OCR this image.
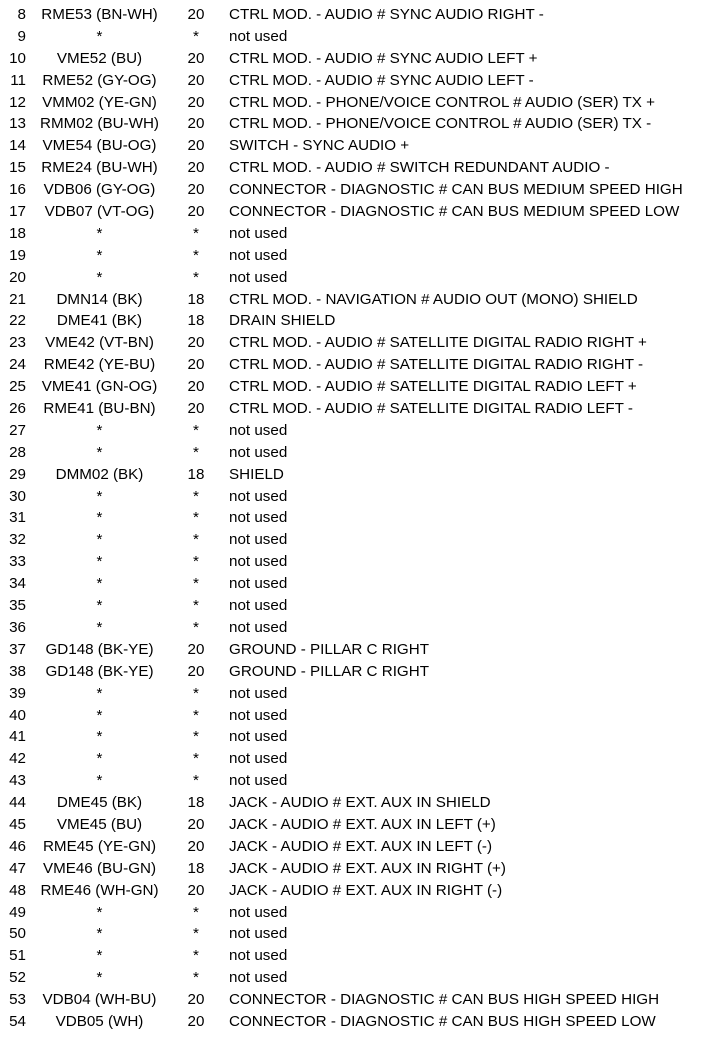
8	RME53 (BN-WH)	20	CTRL MOD. - AUDIO # SYNC AUDIO RIGHT -
9	*	*	not used
10	VME52 (BU)	20	CTRL MOD. - AUDIO # SYNC AUDIO LEFT +
11	RME52 (GY-OG)	20	CTRL MOD. - AUDIO # SYNC AUDIO LEFT -
12	VMM02 (YE-GN)	20	CTRL MOD. - PHONE/VOICE CONTROL # AUDIO (SER) TX +
13 RMM02 (BU-WH)	20	CTRL MOD. - PHONE/VOICE CONTROL # AUDIO (SER) TX -
14	VME54 (BU-OG)	20	SWITCH - SYNC AUDIO +
15	RME24 (BU-WH)	20	CTRL MOD. - AUDIO # SWITCH REDUNDANT AUDIO -
16	VDB06 (GY-OG)	20	CONNECTOR - DIAGNOSTIC # CAN BUS MEDIUM SPEED HIGH
17	VDB07 (VT-OG)	20	CONNECTOR - DIAGNOSTIC # CAN BUS MEDIUM SPEED LOW
18	*	*	not used
19	*	*	not used
20	*	*	not used
21	DMN14 (BK)	18	CTRL MOD. - NAVIGATION # AUDIO OUT (MONO) SHIELD
22	DME41 (BK)	18	DRAIN SHIELD
23	VME42 (VT-BN)	20	CTRL MOD. - AUDIO # SATELLITE DIGITAL RADIO RIGHT +
24	RME42 (YE-BU)	20	CTRL MOD. - AUDIO # SATELLITE DIGITAL RADIO RIGHT -
25	VME41 (GN-OG)	20	CTRL MOD. - AUDIO # SATELLITE DIGITAL RADIO LEFT +
26	RME41 (BU-BN)	20	CTRL MOD. - AUDIO # SATELLITE DIGITAL RADIO LEFT -
27	*	*	not used
28	*	*	not used
29	DMM02 (BK)	18	SHIELD
30	*	*	not used
31	*	*	not used
32	*	*	not used
33	*	*	not used
34	*	*	not used
35	*	*	not used
36	*	*	not used
37	GD148 (BK-YE)	20	GROUND - PILLAR C RIGHT
38	GD148 (BK-YE)	20	GROUND - PILLAR C RIGHT
39	*	*	not used
40	*	*	not used
41	*	*	not used
42	*	*	not used
43	*	*	not used
44	DME45 (BK)	18	JACK - AUDIO # EXT. AUX IN SHIELD
45	VME45 (BU)	20	JACK - AUDIO # EXT. AUX IN LEFT (+)
46	RME45 (YE-GN)	20	JACK - AUDIO # EXT. AUX IN LEFT (-)
47	VME46 (BU-GN)	18	JACK - AUDIO # EXT. AUX IN RIGHT (+)
48 RME46 (WH-GN)	20	JACK - AUDIO # EXT. AUX IN RIGHT (-)
49	*	*	not used
50	*	*	not used
51	*	*	not used
52	*	*	not used
53	VDB04 (WH-BU)	20	CONNECTOR - DIAGNOSTIC # CAN BUS HIGH SPEED HIGH
54	VDB05 (WH)	20	CONNECTOR - DIAGNOSTIC # CAN BUS HIGH SPEED LOW
